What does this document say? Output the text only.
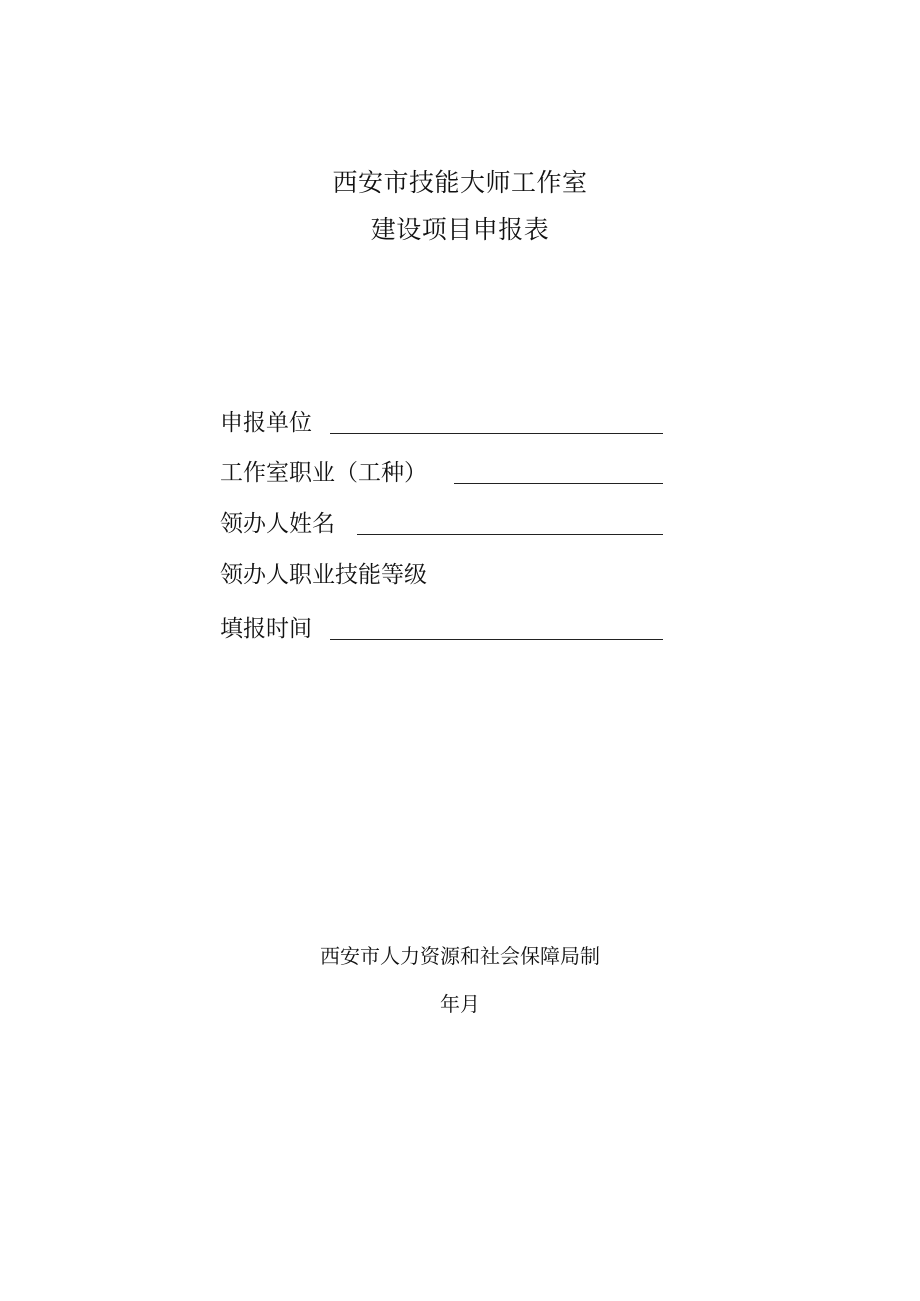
西安市技能大师工作室
建设项目申报表
申报单位
工作室职业（工种）
领办人姓名
领办人职业技能等级
填报时间
西安市人力资源和社会保障局制
年月
